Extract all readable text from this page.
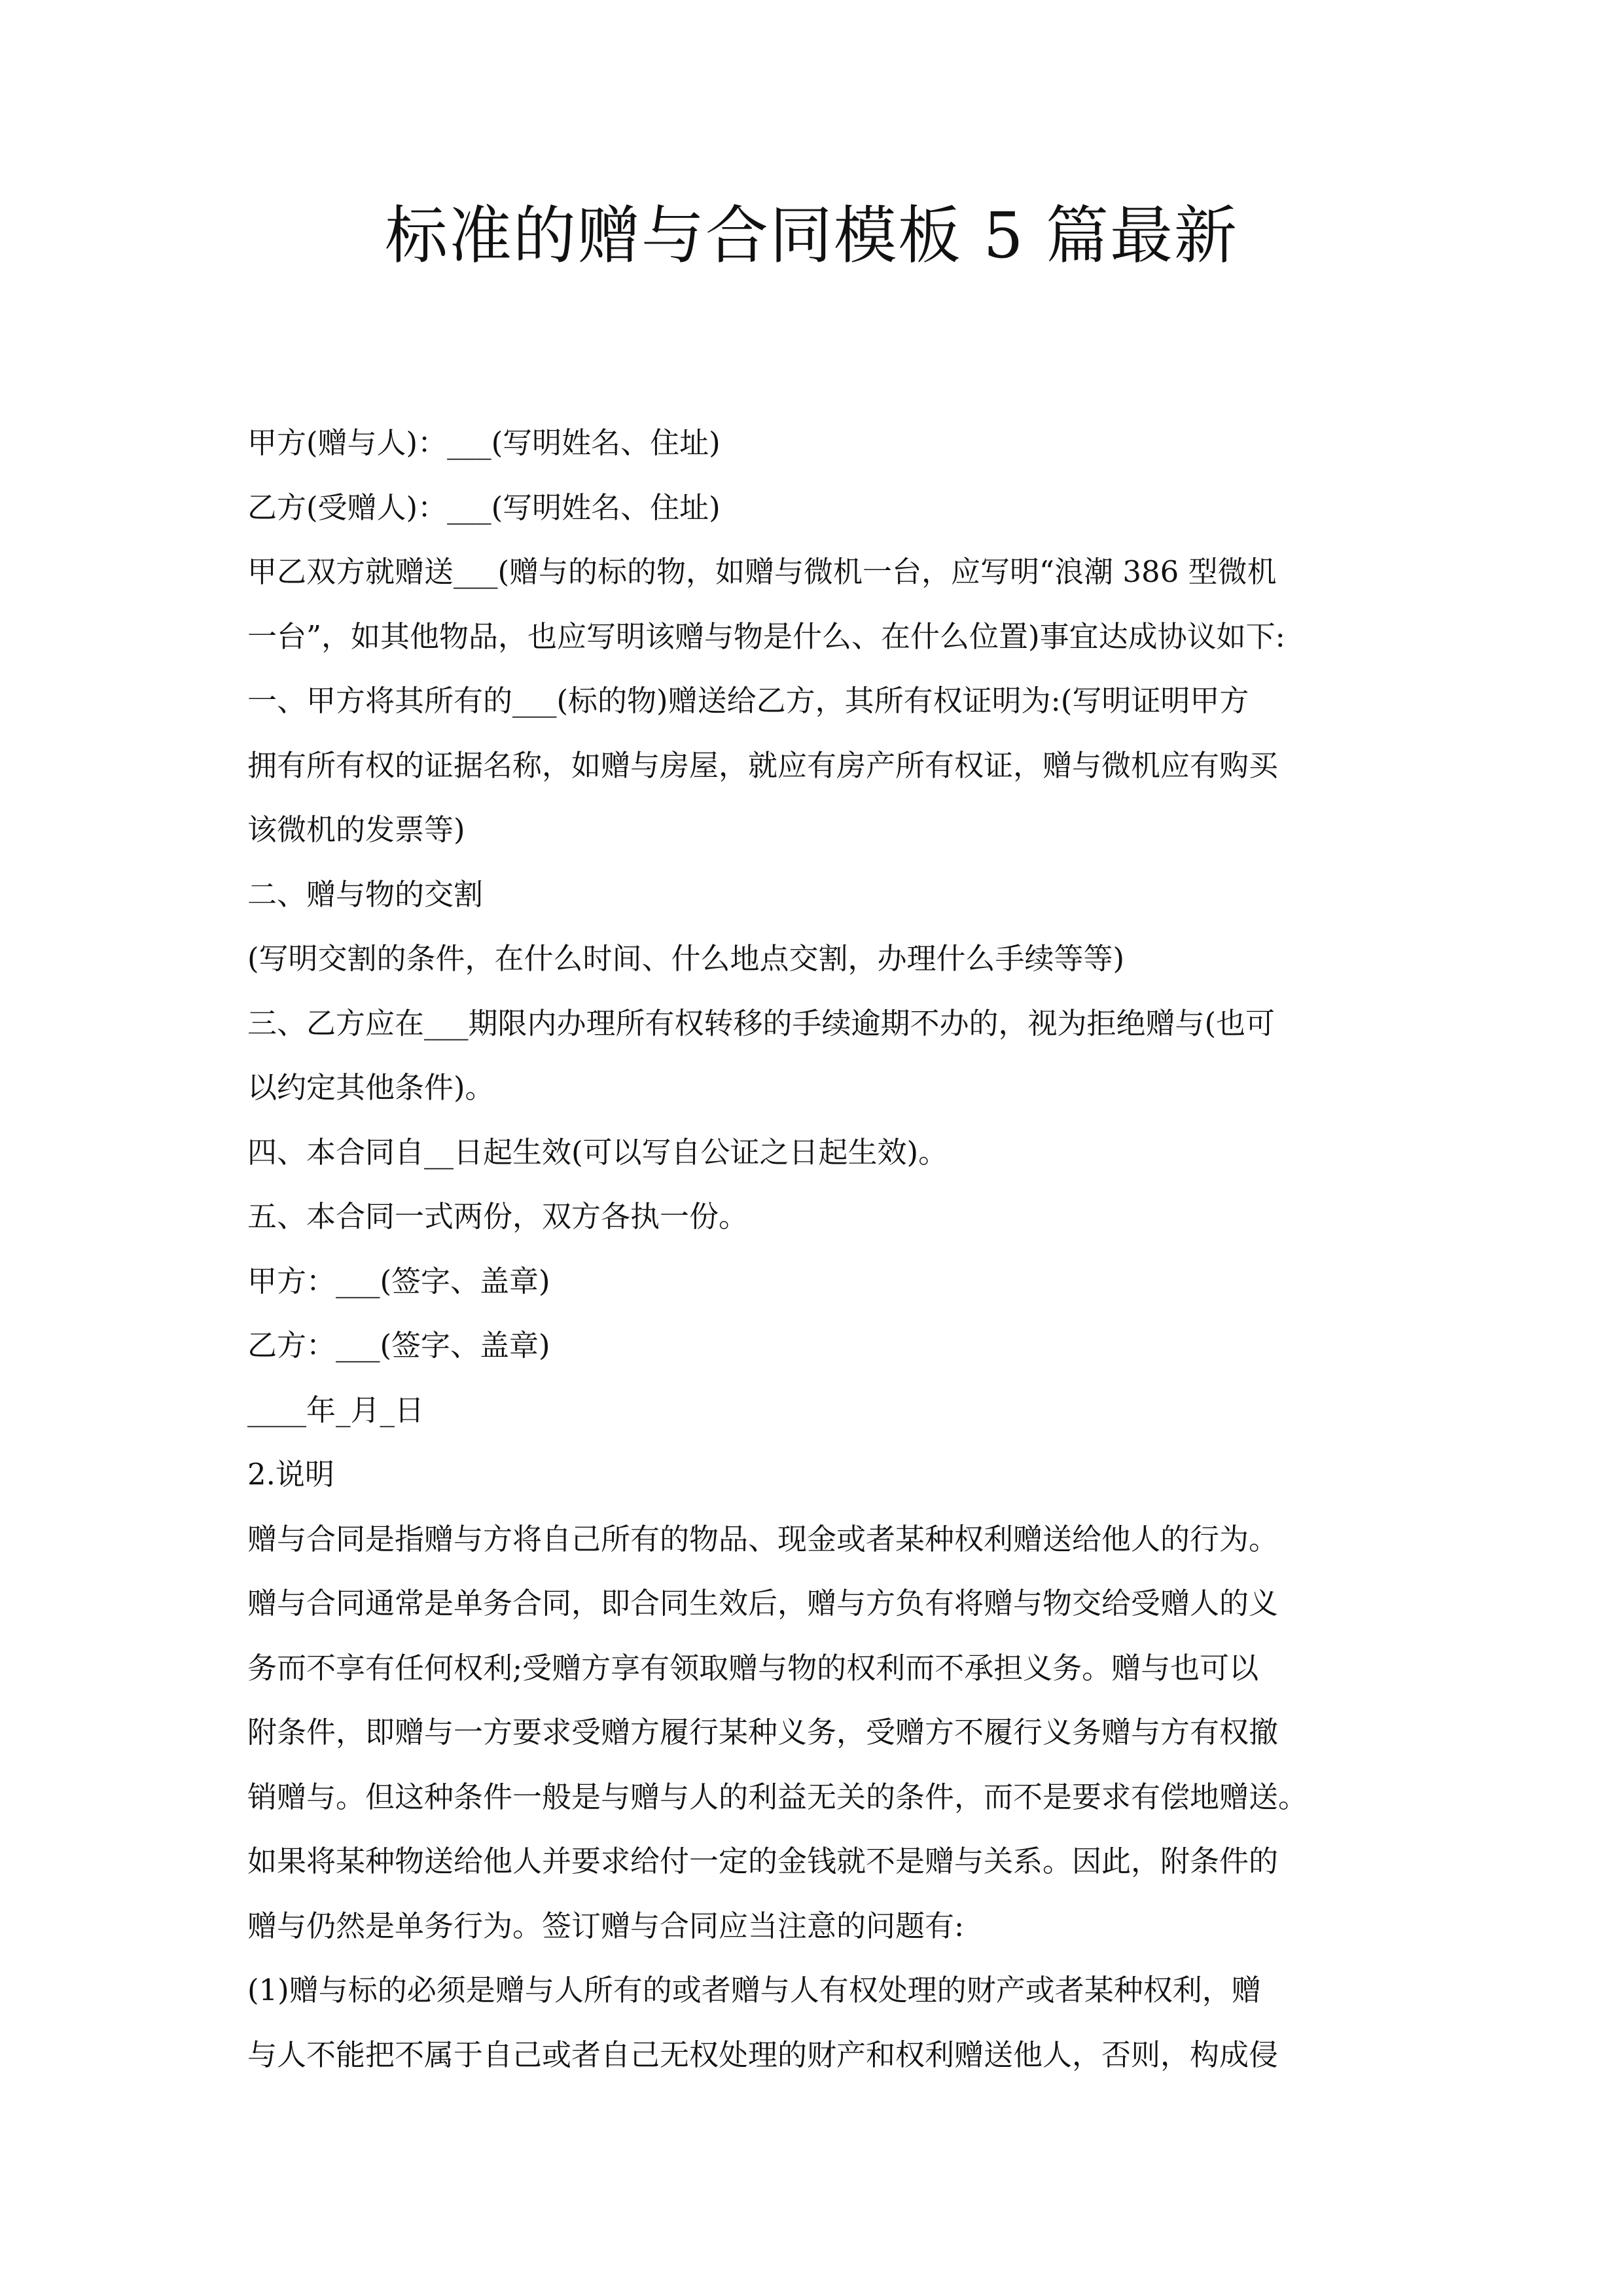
标准的赠与合同模板 5 篇最新

甲方(赠与人)：___(写明姓名、住址)

乙方(受赠人)：___(写明姓名、住址)

甲乙双方就赠送___(赠与的标的物，如赠与微机一台，应写明“浪潮 386 型微机

一台”，如其他物品，也应写明该赠与物是什么、在什么位置)事宜达成协议如下:

一、甲方将其所有的___(标的物)赠送给乙方，其所有权证明为:(写明证明甲方

拥有所有权的证据名称，如赠与房屋，就应有房产所有权证，赠与微机应有购买

该微机的发票等)

二、赠与物的交割

(写明交割的条件，在什么时间、什么地点交割，办理什么手续等等)

三、乙方应在___期限内办理所有权转移的手续逾期不办的，视为拒绝赠与(也可

以约定其他条件)。

四、本合同自__日起生效(可以写自公证之日起生效)。

五、本合同一式两份，双方各执一份。

甲方：___(签字、盖章)

乙方：___(签字、盖章)

____年_月_日

2.说明

赠与合同是指赠与方将自己所有的物品、现金或者某种权利赠送给他人的行为。

赠与合同通常是单务合同，即合同生效后，赠与方负有将赠与物交给受赠人的义

务而不享有任何权利;受赠方享有领取赠与物的权利而不承担义务。赠与也可以

附条件，即赠与一方要求受赠方履行某种义务，受赠方不履行义务赠与方有权撤

销赠与。但这种条件一般是与赠与人的利益无关的条件，而不是要求有偿地赠送。

如果将某种物送给他人并要求给付一定的金钱就不是赠与关系。因此，附条件的

赠与仍然是单务行为。签订赠与合同应当注意的问题有:

(1)赠与标的必须是赠与人所有的或者赠与人有权处理的财产或者某种权利，赠

与人不能把不属于自己或者自己无权处理的财产和权利赠送他人，否则，构成侵
